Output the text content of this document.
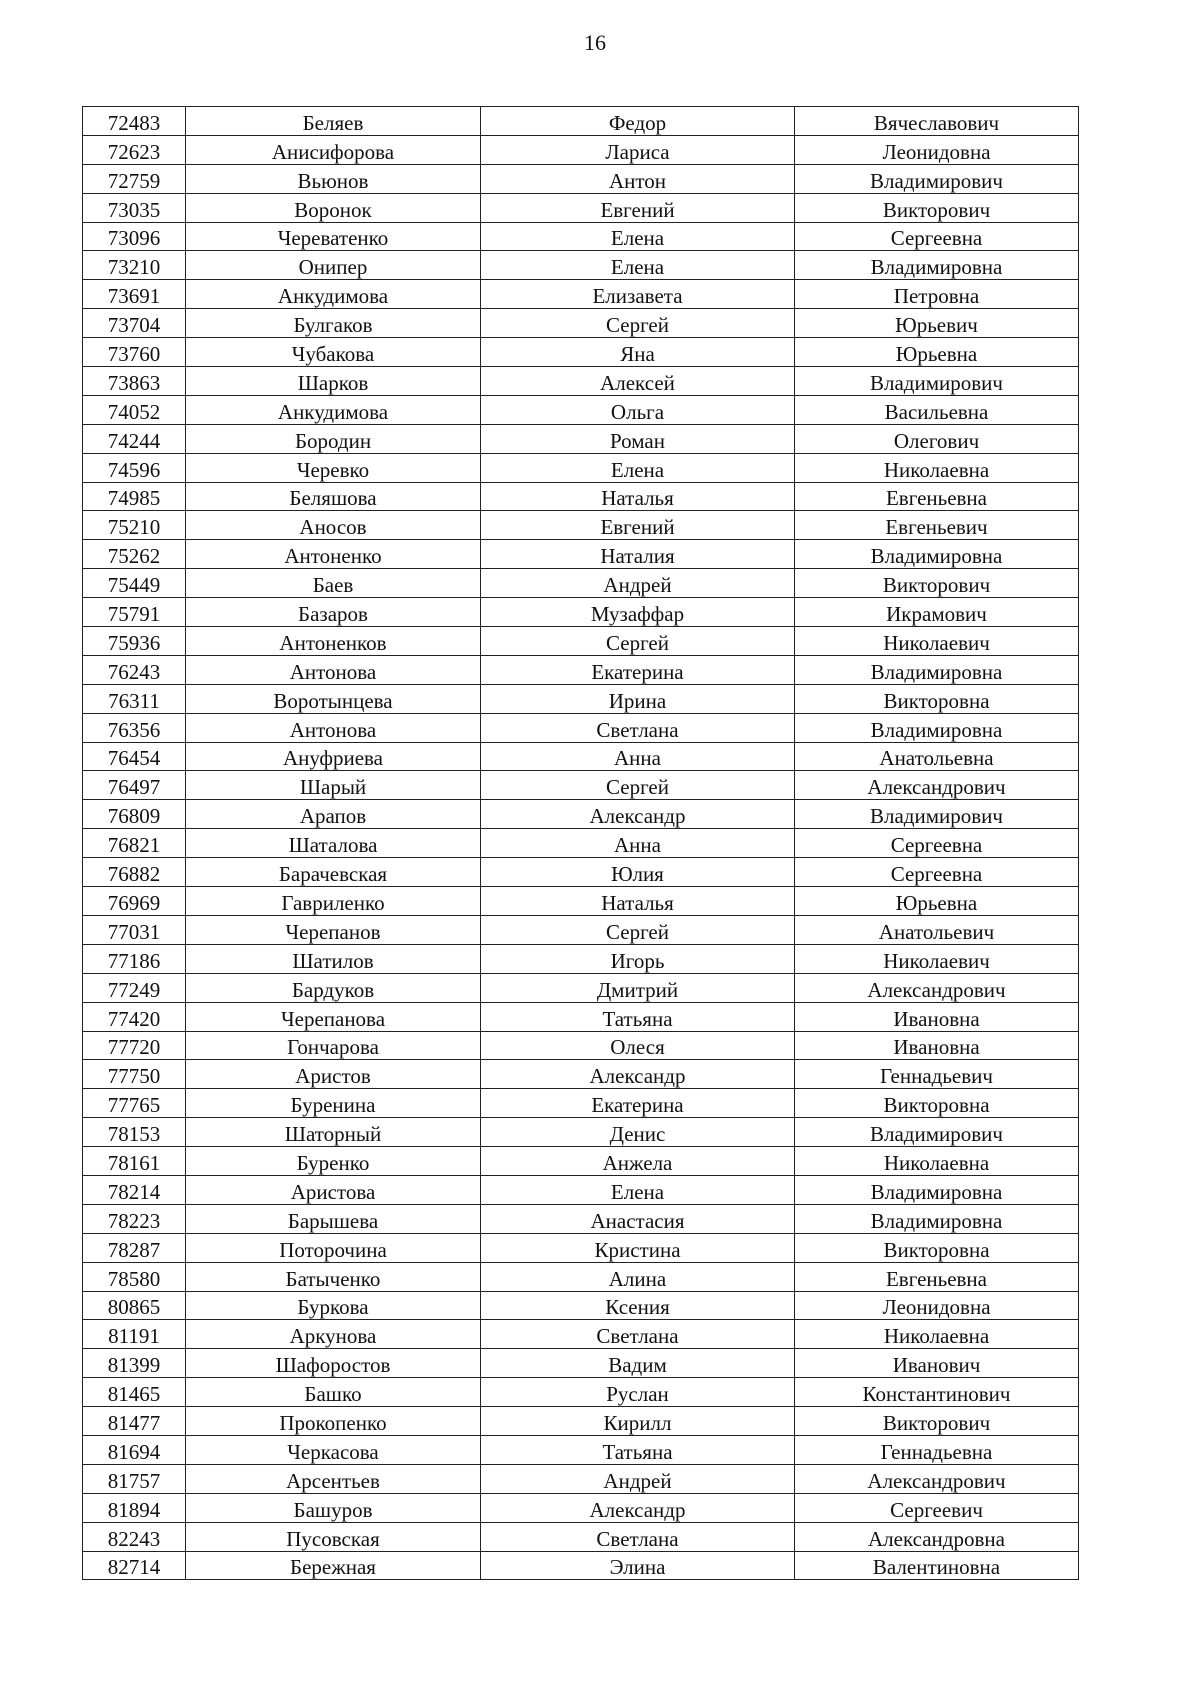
16
72483	Беляев	Федор	Вячеславович
72623	Анисифорова	Лариса	Леонидовна
72759	Вьюнов	Антон	Владимирович
73035	Воронок	Евгений	Викторович
73096	Череватенко	Елена	Сергеевна
73210	Онипер	Елена	Владимировна
73691	Анкудимова	Елизавета	Петровна
73704	Булгаков	Сергей	Юрьевич
73760	Чубакова	Яна	Юрьевна
73863	Шарков	Алексей	Владимирович
74052	Анкудимова	Ольга	Васильевна
74244	Бородин	Роман	Олегович
74596	Черевко	Елена	Николаевна
74985	Беляшова	Наталья	Евгеньевна
75210	Аносов	Евгений	Евгеньевич
75262	Антоненко	Наталия	Владимировна
75449	Баев	Андрей	Викторович
75791	Базаров	Музаффар	Икрамович
75936	Антоненков	Сергей	Николаевич
76243	Антонова	Екатерина	Владимировна
76311	Воротынцева	Ирина	Викторовна
76356	Антонова	Светлана	Владимировна
76454	Ануфриева	Анна	Анатольевна
76497	Шарый	Сергей	Александрович
76809	Арапов	Александр	Владимирович
76821	Шаталова	Анна	Сергеевна
76882	Барачевская	Юлия	Сергеевна
76969	Гавриленко	Наталья	Юрьевна
77031	Черепанов	Сергей	Анатольевич
77186	Шатилов	Игорь	Николаевич
77249	Бардуков	Дмитрий	Александрович
77420	Черепанова	Татьяна	Ивановна
77720	Гончарова	Олеся	Ивановна
77750	Аристов	Александр	Геннадьевич
77765	Буренина	Екатерина	Викторовна
78153	Шаторный	Денис	Владимирович
78161	Буренко	Анжела	Николаевна
78214	Аристова	Елена	Владимировна
78223	Барышева	Анастасия	Владимировна
78287	Поторочина	Кристина	Викторовна
78580	Батыченко	Алина	Евгеньевна
80865	Буркова	Ксения	Леонидовна
81191	Аркунова	Светлана	Николаевна
81399	Шафоростов	Вадим	Иванович
81465	Башко	Руслан	Константинович
81477	Прокопенко	Кирилл	Викторович
81694	Черкасова	Татьяна	Геннадьевна
81757	Арсентьев	Андрей	Александрович
81894	Башуров	Александр	Сергеевич
82243	Пусовская	Светлана	Александровна
82714	Бережная	Элина	Валентиновна
